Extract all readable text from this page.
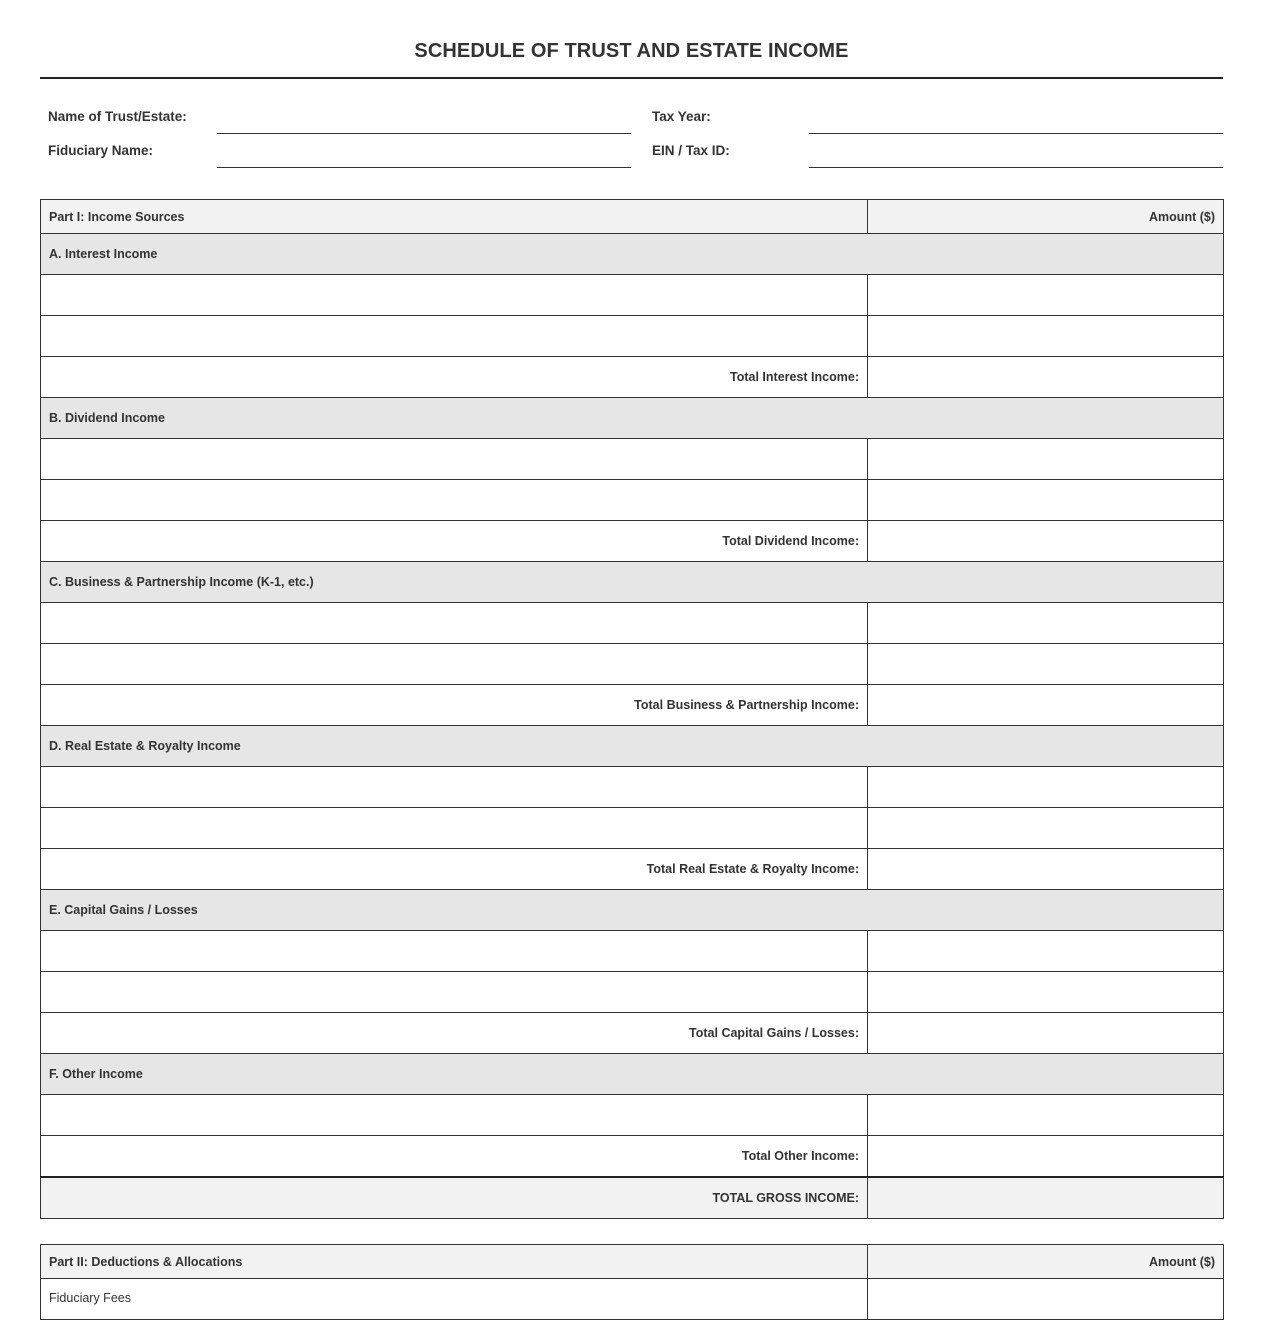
SCHEDULE OF TRUST AND ESTATE INCOME
Name of Trust/Estate:
Fiduciary Name:
Tax Year:
EIN / Tax ID:
Part I: Income Sources	Amount ($)
A. Interest Income	

Total Interest Income:	
B. Dividend Income	

Total Dividend Income:	
C. Business & Partnership Income (K-1, etc.)	

Total Business & Partnership Income:	
D. Real Estate & Royalty Income	

Total Real Estate & Royalty Income:	
E. Capital Gains / Losses	

Total Capital Gains / Losses:	
F. Other Income	

Total Other Income:	
TOTAL GROSS INCOME:	
Part II: Deductions & Allocations	Amount ($)
Fiduciary Fees	
